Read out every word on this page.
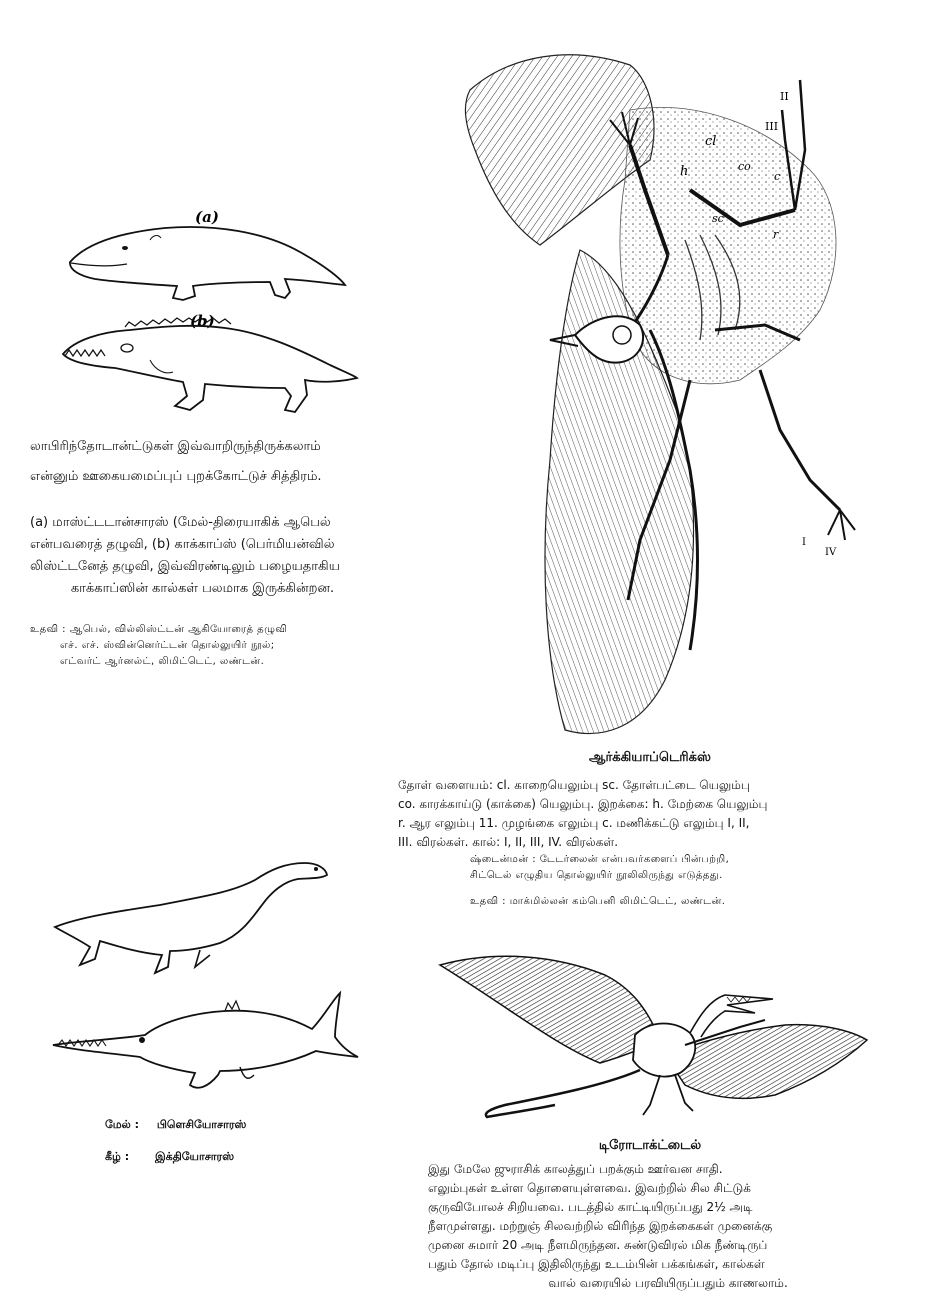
(a)
(b)
லாபிரிந்தோடான்ட்டுகள் இவ்வாறிருந்திருக்கலாம்
என்னும் ஊகையமைப்புப் புறக்கோட்டுச் சித்திரம்.
(a) மாஸ்ட்டடான்சாரஸ் (மேல்-திரையாகிக் ஆபெல்
என்பவரைத் தழுவி, (b) காக்காப்ஸ் (பெர்மியன்வில்
லிஸ்ட்டனேத் தழுவி, இவ்விரண்டிலும் பழையதாகிய
காக்காப்ஸின் கால்கள் பலமாக இருக்கின்றன.
உதவி : ஆபெல், வில்லிஸ்ட்டன் ஆகியோரைத் தழுவி
எச். எச். ஸ்வின்னெர்ட்டன் தொல்லுயிர் நூல்;
எட்வர்ட் ஆர்னல்ட், லிமிட்டெட், லண்டன்.
cl
h	co
sc
r
c
II
III
I
IV
ஆர்க்கியாப்டெரிக்ஸ்
தோள் வளையம்: cl. காறையெலும்பு sc. தோள்பட்டை யெலும்பு
co. காரக்காய்டு (காக்கை) யெலும்பு. இறக்கை: h. மேற்கை யெலும்பு
r. ஆர எலும்பு 11. முழங்கை எலும்பு c. மணிக்கட்டு எலும்பு I, II,
III. விரல்கள். கால்: I, II, III, IV. விரல்கள்.
ஷ்டைன்மன் : டேடர்லைன் என்பவர்களைப் பின்பற்றி,
சிட்டெல் எழுதிய தொல்லுயிர் நூலிலிருந்து எடுத்தது.
உதவி : மாக்மில்லன் கம்பெனி லிமிட்டெட், லண்டன்.
மேல் : பிளெசியோசாரஸ்
கீழ் : இக்தியோசாரஸ்
டிரோடாக்ட்டைல்
இது மேலே ஜுராசிக் காலத்துப் பறக்கும் ஊர்வன சாதி.
எலும்புகள் உள்ள தொளையுள்ளவை. இவற்றில் சில சிட்டுக்
குருவிபோலச் சிறியவை. படத்தில் காட்டியிருப்பது 2½ அடி
நீளமுள்ளது. மற்றுஞ் சிலவற்றில் விரிந்த இறக்கைகள் முனைக்கு
முனை சுமார் 20 அடி நீளமிருந்தன. சுண்டுவிரல் மிக நீண்டிருப்
பதும் தோல் மடிப்பு இதிலிருந்து உடம்பின் பக்கங்கள், கால்கள்
வால் வரையில் பரவியிருப்பதும் காணலாம்.
